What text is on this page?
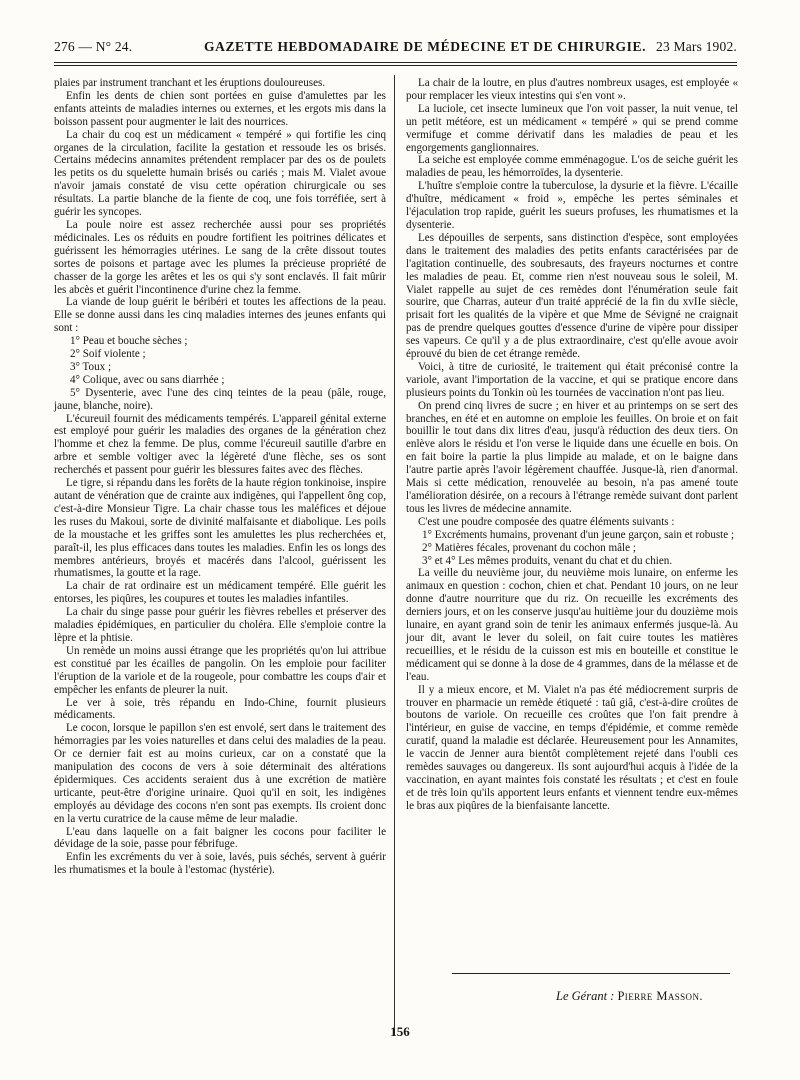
276 — N° 24.	GAZETTE HEBDOMADAIRE DE MÉDECINE ET DE CHIRURGIE. 23 Mars 1902.

plaies par instrument tranchant et les éruptions douloureuses.

Enfin les dents de chien sont portées en guise d'amulettes par les enfants atteints de maladies internes ou externes, et les ergots mis dans la boisson passent pour augmenter le lait des nourrices.

La chair du coq est un médicament « tempéré » qui fortifie les cinq organes de la circulation, facilite la gestation et ressoude les os brisés. Certains médecins annamites prétendent remplacer par des os de poulets les petits os du squelette humain brisés ou cariés ; mais M. Vialet avoue n'avoir jamais constaté de visu cette opération chirurgicale ou ses résultats. La partie blanche de la fiente de coq, une fois torréfiée, sert à guérir les syncopes.

La poule noire est assez recherchée aussi pour ses propriétés médicinales. Les os réduits en poudre fortifient les poitrines délicates et guérissent les hémorragies utérines. Le sang de la crête dissout toutes sortes de poisons et partage avec les plumes la précieuse propriété de chasser de la gorge les arêtes et les os qui s'y sont enclavés. Il fait mûrir les abcès et guérit l'incontinence d'urine chez la femme.

La viande de loup guérit le béribéri et toutes les affections de la peau. Elle se donne aussi dans les cinq maladies internes des jeunes enfants qui sont :

1° Peau et bouche sèches ;

2° Soif violente ;

3° Toux ;

4° Colique, avec ou sans diarrhée ;

5° Dysenterie, avec l'une des cinq teintes de la peau (pâle, rouge, jaune, blanche, noire).

L'écureuil fournit des médicaments tempérés. L'appareil génital externe est employé pour guérir les maladies des organes de la génération chez l'homme et chez la femme. De plus, comme l'écureuil sautille d'arbre en arbre et semble voltiger avec la légèreté d'une flèche, ses os sont recherchés et passent pour guérir les blessures faites avec des flèches.

Le tigre, si répandu dans les forêts de la haute région tonkinoise, inspire autant de vénération que de crainte aux indigènes, qui l'appellent ông cop, c'est-à-dire Monsieur Tigre. La chair chasse tous les maléfices et déjoue les ruses du Makoui, sorte de divinité malfaisante et diabolique. Les poils de la moustache et les griffes sont les amulettes les plus recherchées et, paraît-il, les plus efficaces dans toutes les maladies. Enfin les os longs des membres antérieurs, broyés et macérés dans l'alcool, guérissent les rhumatismes, la goutte et la rage.

La chair de rat ordinaire est un médicament tempéré. Elle guérit les entorses, les piqûres, les coupures et toutes les maladies infantiles.

La chair du singe passe pour guérir les fièvres rebelles et préserver des maladies épidémiques, en particulier du choléra. Elle s'emploie contre la lèpre et la phtisie.

Un remède un moins aussi étrange que les propriétés qu'on lui attribue est constitué par les écailles de pangolin. On les emploie pour faciliter l'éruption de la variole et de la rougeole, pour combattre les coups d'air et empêcher les enfants de pleurer la nuit.

Le ver à soie, très répandu en Indo-Chine, fournit plusieurs médicaments.

Le cocon, lorsque le papillon s'en est envolé, sert dans le traitement des hémorragies par les voies naturelles et dans celui des maladies de la peau. Or ce dernier fait est au moins curieux, car on a constaté que la manipulation des cocons de vers à soie déterminait des altérations épidermiques. Ces accidents seraient dus à une excrétion de matière urticante, peut-être d'origine urinaire. Quoi qu'il en soit, les indigènes employés au dévidage des cocons n'en sont pas exempts. Ils croient donc en la vertu curatrice de la cause même de leur maladie.

L'eau dans laquelle on a fait baigner les cocons pour faciliter le dévidage de la soie, passe pour fébrifuge.

Enfin les excréments du ver à soie, lavés, puis séchés, servent à guérir les rhumatismes et la boule à l'estomac (hystérie).

La chair de la loutre, en plus d'autres nombreux usages, est employée « pour remplacer les vieux intestins qui s'en vont ».

La luciole, cet insecte lumineux que l'on voit passer, la nuit venue, tel un petit météore, est un médicament « tempéré » qui se prend comme vermifuge et comme dérivatif dans les maladies de peau et les engorgements ganglionnaires.

La seiche est employée comme emménagogue. L'os de seiche guérit les maladies de peau, les hémorroïdes, la dysenterie.

L'huître s'emploie contre la tuberculose, la dysurie et la fièvre. L'écaille d'huître, médicament « froid », empêche les pertes séminales et l'éjaculation trop rapide, guérit les sueurs profuses, les rhumatismes et la dysenterie.

Les dépouilles de serpents, sans distinction d'espèce, sont employées dans le traitement des maladies des petits enfants caractérisées par de l'agitation continuelle, des soubresauts, des frayeurs nocturnes et contre les maladies de peau. Et, comme rien n'est nouveau sous le soleil, M. Vialet rappelle au sujet de ces remèdes dont l'énumération seule fait sourire, que Charras, auteur d'un traité apprécié de la fin du xvIIe siècle, prisait fort les qualités de la vipère et que Mme de Sévigné ne craignait pas de prendre quelques gouttes d'essence d'urine de vipère pour dissiper ses vapeurs. Ce qu'il y a de plus extraordinaire, c'est qu'elle avoue avoir éprouvé du bien de cet étrange remède.

Voici, à titre de curiosité, le traitement qui était préconisé contre la variole, avant l'importation de la vaccine, et qui se pratique encore dans plusieurs points du Tonkin où les tournées de vaccination n'ont pas lieu.

On prend cinq livres de sucre ; en hiver et au printemps on se sert des branches, en été et en automne on emploie les feuilles. On broie et on fait bouillir le tout dans dix litres d'eau, jusqu'à réduction des deux tiers. On enlève alors le résidu et l'on verse le liquide dans une écuelle en bois. On en fait boire la partie la plus limpide au malade, et on le baigne dans l'autre partie après l'avoir légèrement chauffée. Jusque-là, rien d'anormal. Mais si cette médication, renouvelée au besoin, n'a pas amené toute l'amélioration désirée, on a recours à l'étrange remède suivant dont parlent tous les livres de médecine annamite.

C'est une poudre composée des quatre éléments suivants :

1° Excréments humains, provenant d'un jeune garçon, sain et robuste ;

2° Matières fécales, provenant du cochon mâle ;

3° et 4° Les mêmes produits, venant du chat et du chien.

La veille du neuvième jour, du neuvième mois lunaire, on enferme les animaux en question : cochon, chien et chat. Pendant 10 jours, on ne leur donne d'autre nourriture que du riz. On recueille les excréments des derniers jours, et on les conserve jusqu'au huitième jour du douzième mois lunaire, en ayant grand soin de tenir les animaux enfermés jusque-là. Au jour dit, avant le lever du soleil, on fait cuire toutes les matières recueillies, et le résidu de la cuisson est mis en bouteille et constitue le médicament qui se donne à la dose de 4 grammes, dans de la mélasse et de l'eau.

Il y a mieux encore, et M. Vialet n'a pas été médiocrement surpris de trouver en pharmacie un remède étiqueté : taû giâ, c'est-à-dire croûtes de boutons de variole. On recueille ces croûtes que l'on fait prendre à l'intérieur, en guise de vaccine, en temps d'épidémie, et comme remède curatif, quand la maladie est déclarée. Heureusement pour les Annamites, le vaccin de Jenner aura bientôt complètement rejeté dans l'oubli ces remèdes sauvages ou dangereux. Ils sont aujourd'hui acquis à l'idée de la vaccination, en ayant maintes fois constaté les résultats ; et c'est en foule et de très loin qu'ils apportent leurs enfants et viennent tendre eux-mêmes le bras aux piqûres de la bienfaisante lancette.

Le Gérant : Pierre Masson.
156
